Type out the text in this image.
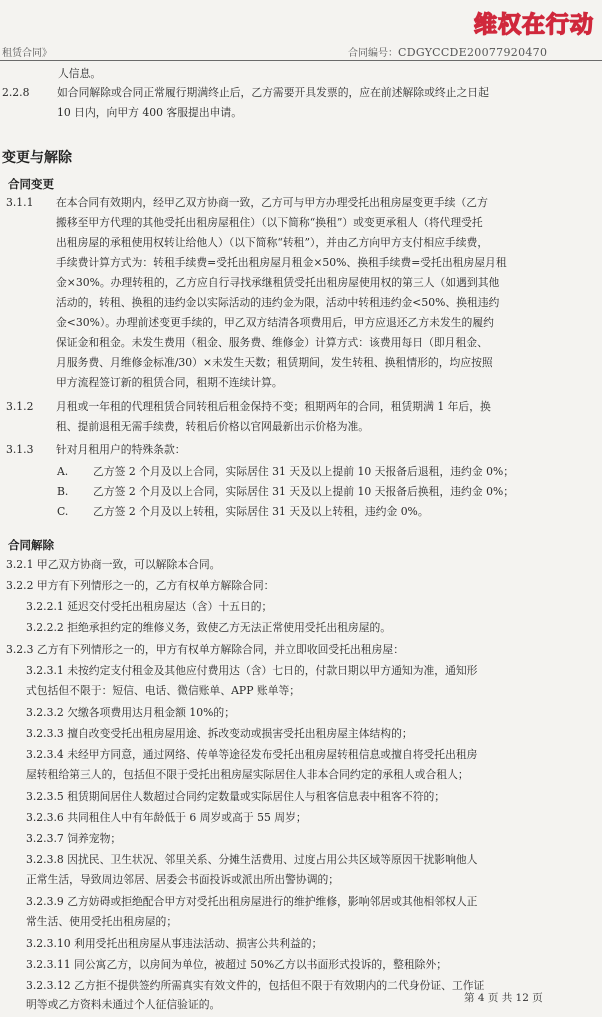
租赁合同》	合同编号：CDGYCCDE20077920470
维权在行动
人信息。
2.2.8	如合同解除或合同正常履行期满终止后，乙方需要开具发票的，应在前述解除或终止之日起
10 日内，向甲方 400 客服提出申请。
变更与解除
合同变更
3.1.1 在本合同有效期内，经甲乙双方协商一致，乙方可与甲方办理受托出租房屋变更手续（乙方
搬移至甲方代理的其他受托出租房屋租住）（以下简称“换租”）或变更承租人（将代理受托
出租房屋的承租使用权转让给他人）（以下简称“转租”），并由乙方向甲方支付相应手续费，
手续费计算方式为：转租手续费=受托出租房屋月租金×50%、换租手续费=受托出租房屋月租
金×30%。办理转租的，乙方应自行寻找承继租赁受托出租房屋使用权的第三人（如遇到其他
活动的，转租、换租的违约金以实际活动的违约金为限，活动中转租违约金<50%、换租违约
金<30%）。办理前述变更手续的，甲乙双方结清各项费用后，甲方应退还乙方未发生的履约
保证金和租金。未发生费用（租金、服务费、维修金）计算方式：该费用每日（即月租金、
月服务费、月维修金标准/30）×未发生天数；租赁期间，发生转租、换租情形的，均应按照
甲方流程签订新的租赁合同，租期不连续计算。
3.1.2 月租或一年租的代理租赁合同转租后租金保持不变；租期两年的合同，租赁期满 1 年后，换
租、提前退租无需手续费，转租后价格以官网最新出示价格为准。
3.1.3 针对月租用户的特殊条款：
A. 乙方签 2 个月及以上合同，实际居住 31 天及以上提前 10 天报备后退租，违约金 0%；
B. 乙方签 2 个月及以上合同，实际居住 31 天及以上提前 10 天报备后换租，违约金 0%；
C. 乙方签 2 个月及以上转租，实际居住 31 天及以上转租，违约金 0%。
合同解除
3.2.1 甲乙双方协商一致，可以解除本合同。
3.2.2 甲方有下列情形之一的，乙方有权单方解除合同：
3.2.2.1 延迟交付受托出租房屋达（含）十五日的；
3.2.2.2 拒绝承担约定的维修义务，致使乙方无法正常使用受托出租房屋的。
3.2.3 乙方有下列情形之一的，甲方有权单方解除合同，并立即收回受托出租房屋：
3.2.3.1 未按约定支付租金及其他应付费用达（含）七日的，付款日期以甲方通知为准，通知形
式包括但不限于：短信、电话、微信账单、APP 账单等；
3.2.3.2 欠缴各项费用达月租金额 10%的；
3.2.3.3 擅自改变受托出租房屋用途、拆改变动或损害受托出租房屋主体结构的；
3.2.3.4 未经甲方同意，通过网络、传单等途径发布受托出租房屋转租信息或擅自将受托出租房
屋转租给第三人的，包括但不限于受托出租房屋实际居住人非本合同约定的承租人或合租人；
3.2.3.5 租赁期间居住人数超过合同约定数量或实际居住人与租客信息表中租客不符的；
3.2.3.6 共同租住人中有年龄低于 6 周岁或高于 55 周岁；
3.2.3.7 饲养宠物；
3.2.3.8 因扰民、卫生状况、邻里关系、分摊生活费用、过度占用公共区域等原因干扰影响他人
正常生活，导致周边邻居、居委会书面投诉或派出所出警协调的；
3.2.3.9 乙方妨碍或拒绝配合甲方对受托出租房屋进行的维护维修，影响邻居或其他相邻权人正
常生活、使用受托出租房屋的；
3.2.3.10 利用受托出租房屋从事违法活动、损害公共利益的；
3.2.3.11 同公寓乙方，以房间为单位，被超过 50%乙方以书面形式投诉的，整租除外；
3.2.3.12 乙方拒不提供签约所需真实有效文件的，包括但不限于有效期内的二代身份证、工作证
明等或乙方资料未通过个人征信验证的。	第 4 页 共 12 页
